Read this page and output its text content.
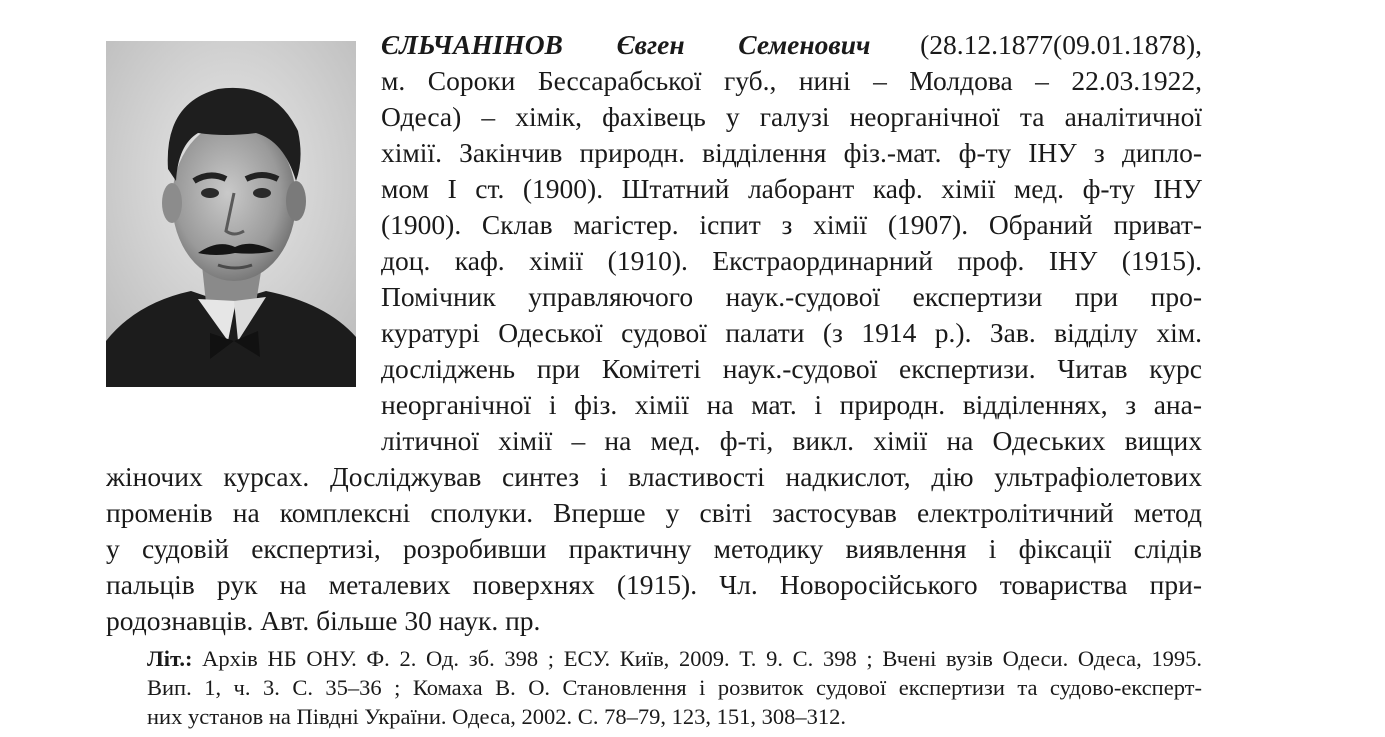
ЄЛЬЧАНІНОВ Євген Семенович (28.12.1877(09.01.1878),
м. Сороки Бессарабської губ., нині – Молдова – 22.03.1922,
Одеса) – хімік, фахівець у галузі неорганічної та аналітичної
хімії. Закінчив природн. відділення фіз.-мат. ф-ту ІНУ з дипло-
мом І ст. (1900). Штатний лаборант каф. хімії мед. ф-ту ІНУ
(1900). Склав магістер. іспит з хімії (1907). Обраний приват-
доц. каф. хімії (1910). Екстраординарний проф. ІНУ (1915).
Помічник управляючого наук.-судової експертизи при про-
куратурі Одеської судової палати (з 1914 р.). Зав. відділу хім.
досліджень при Комітеті наук.-судової експертизи. Читав курс
неорганічної і фіз. хімії на мат. і природн. відділеннях, з ана-
літичної хімії – на мед. ф-ті, викл. хімії на Одеських вищих
жіночих курсах. Досліджував синтез і властивості надкислот, дію ультрафіолетових
променів на комплексні сполуки. Вперше у світі застосував електролітичний метод
у судовій експертизі, розробивши практичну методику виявлення і фіксації слідів
пальців рук на металевих поверхнях (1915). Чл. Новоросійського товариства при-
родознавців. Авт. більше 30 наук. пр.
Літ.: Архів НБ ОНУ. Ф. 2. Од. зб. 398 ; ЕСУ. Київ, 2009. Т. 9. С. 398 ; Вчені вузів Одеси. Одеса, 1995.
Вип. 1, ч. 3. С. 35–36 ; Комаха В. О. Становлення і розвиток судової експертизи та судово-експерт-
них установ на Півдні України. Одеса, 2002. С. 78–79, 123, 151, 308–312.
